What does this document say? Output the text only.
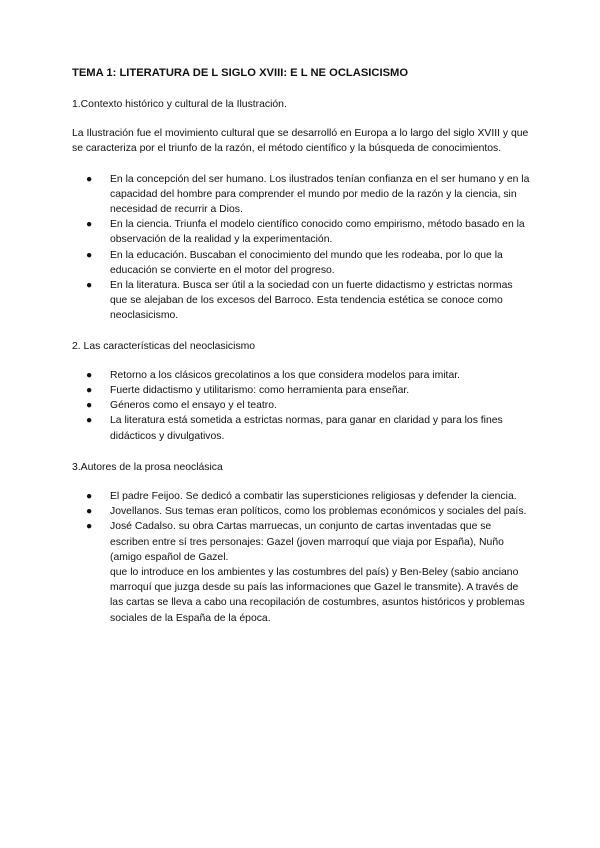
TEMA 1: LITERATURA DE L SIGLO XVIII: E L NE OCLASICISMO

1.Contexto histórico y cultural de la Ilustración.

La Ilustración fue el movimiento cultural que se desarrolló en Europa a lo largo del siglo XVIII y que se caracteriza por el triunfo de la razón, el método científico y la búsqueda de conocimientos.

● En la concepción del ser humano. Los ilustrados tenían confianza en el ser humano y en la capacidad del hombre para comprender el mundo por medio de la razón y la ciencia, sin necesidad de recurrir a Dios.
● En la ciencia. Triunfa el modelo científico conocido como empirismo, método basado en la observación de la realidad y la experimentación.
● En la educación. Buscaban el conocimiento del mundo que les rodeaba, por lo que la educación se convierte en el motor del progreso.
● En la literatura. Busca ser útil a la sociedad con un fuerte didactismo y estrictas normas que se alejaban de los excesos del Barroco. Esta tendencia estética se conoce como neoclasicismo.

2. Las características del neoclasicismo

● Retorno a los clásicos grecolatinos a los que considera modelos para imitar.
● Fuerte didactismo y utilitarismo: como herramienta para enseñar.
● Géneros como el ensayo y el teatro.
● La literatura está sometida a estrictas normas, para ganar en claridad y para los fines didácticos y divulgativos.

3.Autores de la prosa neoclásica

● El padre Feijoo. Se dedicó a combatir las supersticiones religiosas y defender la ciencia.
● Jovellanos. Sus temas eran políticos, como los problemas económicos y sociales del país.
● José Cadalso. su obra Cartas marruecas, un conjunto de cartas inventadas que se escriben entre sí tres personajes: Gazel (joven marroquí que viaja por España), Nuño (amigo español de Gazel.
que lo introduce en los ambientes y las costumbres del país) y Ben-Beley (sabio anciano marroquí que juzga desde su país las informaciones que Gazel le transmite). A través de las cartas se lleva a cabo una recopilación de costumbres, asuntos históricos y problemas sociales de la España de la época.
